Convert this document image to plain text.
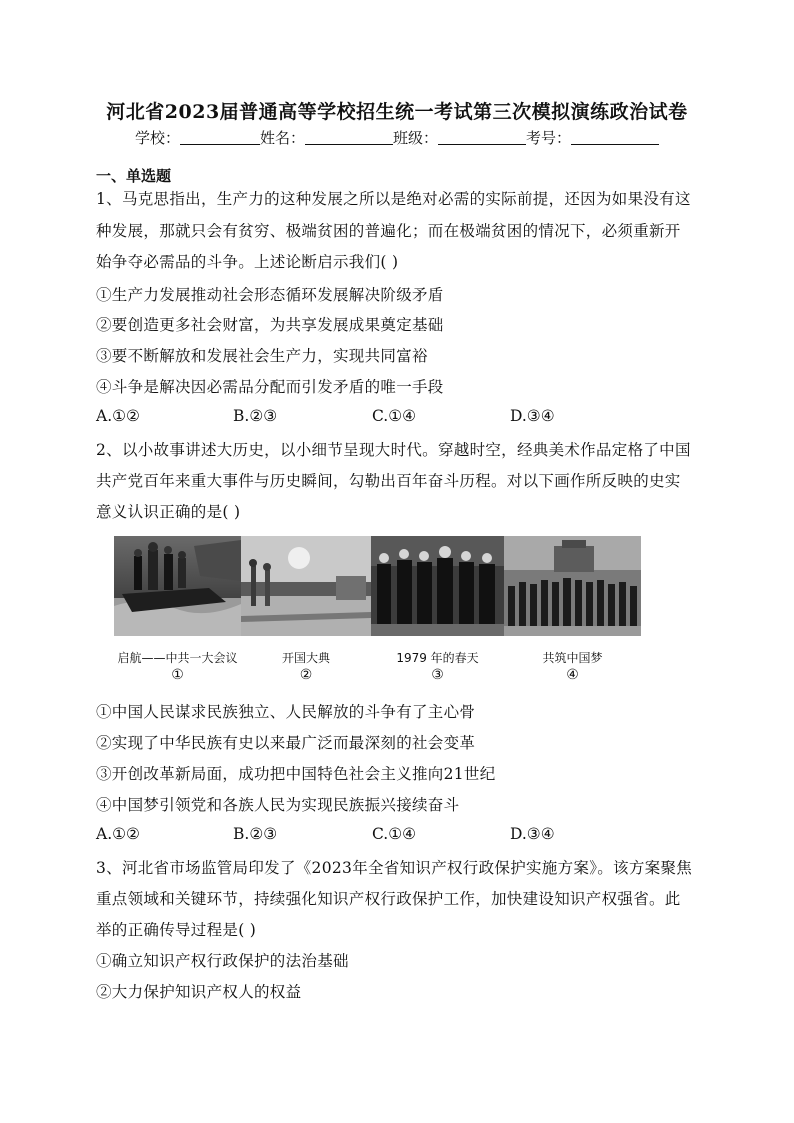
河北省2023届普通高等学校招生统一考试第三次模拟演练政治试卷
学校：	姓名：	班级：	考号：
一、单选题
1、马克思指出，生产力的这种发展之所以是绝对必需的实际前提，还因为如果没有这
种发展，那就只会有贫穷、极端贫困的普遍化；而在极端贫困的情况下，必须重新开
始争夺必需品的斗争。上述论断启示我们( )
①生产力发展推动社会形态循环发展解决阶级矛盾
②要创造更多社会财富，为共享发展成果奠定基础
③要不断解放和发展社会生产力，实现共同富裕
④斗争是解决因必需品分配而引发矛盾的唯一手段
A.①②	B.②③	C.①④	D.③④
2、以小故事讲述大历史，以小细节呈现大时代。穿越时空，经典美术作品定格了中国
共产党百年来重大事件与历史瞬间，勾勒出百年奋斗历程。对以下画作所反映的史实
意义认识正确的是( )
启航——中共一大会议	开国大典	1979 年的春天	共筑中国梦
①	②	③	④
①中国人民谋求民族独立、人民解放的斗争有了主心骨
②实现了中华民族有史以来最广泛而最深刻的社会变革
③开创改革新局面，成功把中国特色社会主义推向21世纪
④中国梦引领党和各族人民为实现民族振兴接续奋斗
A.①②	B.②③	C.①④	D.③④
3、河北省市场监管局印发了《2023年全省知识产权行政保护实施方案》。该方案聚焦
重点领域和关键环节，持续强化知识产权行政保护工作，加快建设知识产权强省。此
举的正确传导过程是( )
①确立知识产权行政保护的法治基础
②大力保护知识产权人的权益
